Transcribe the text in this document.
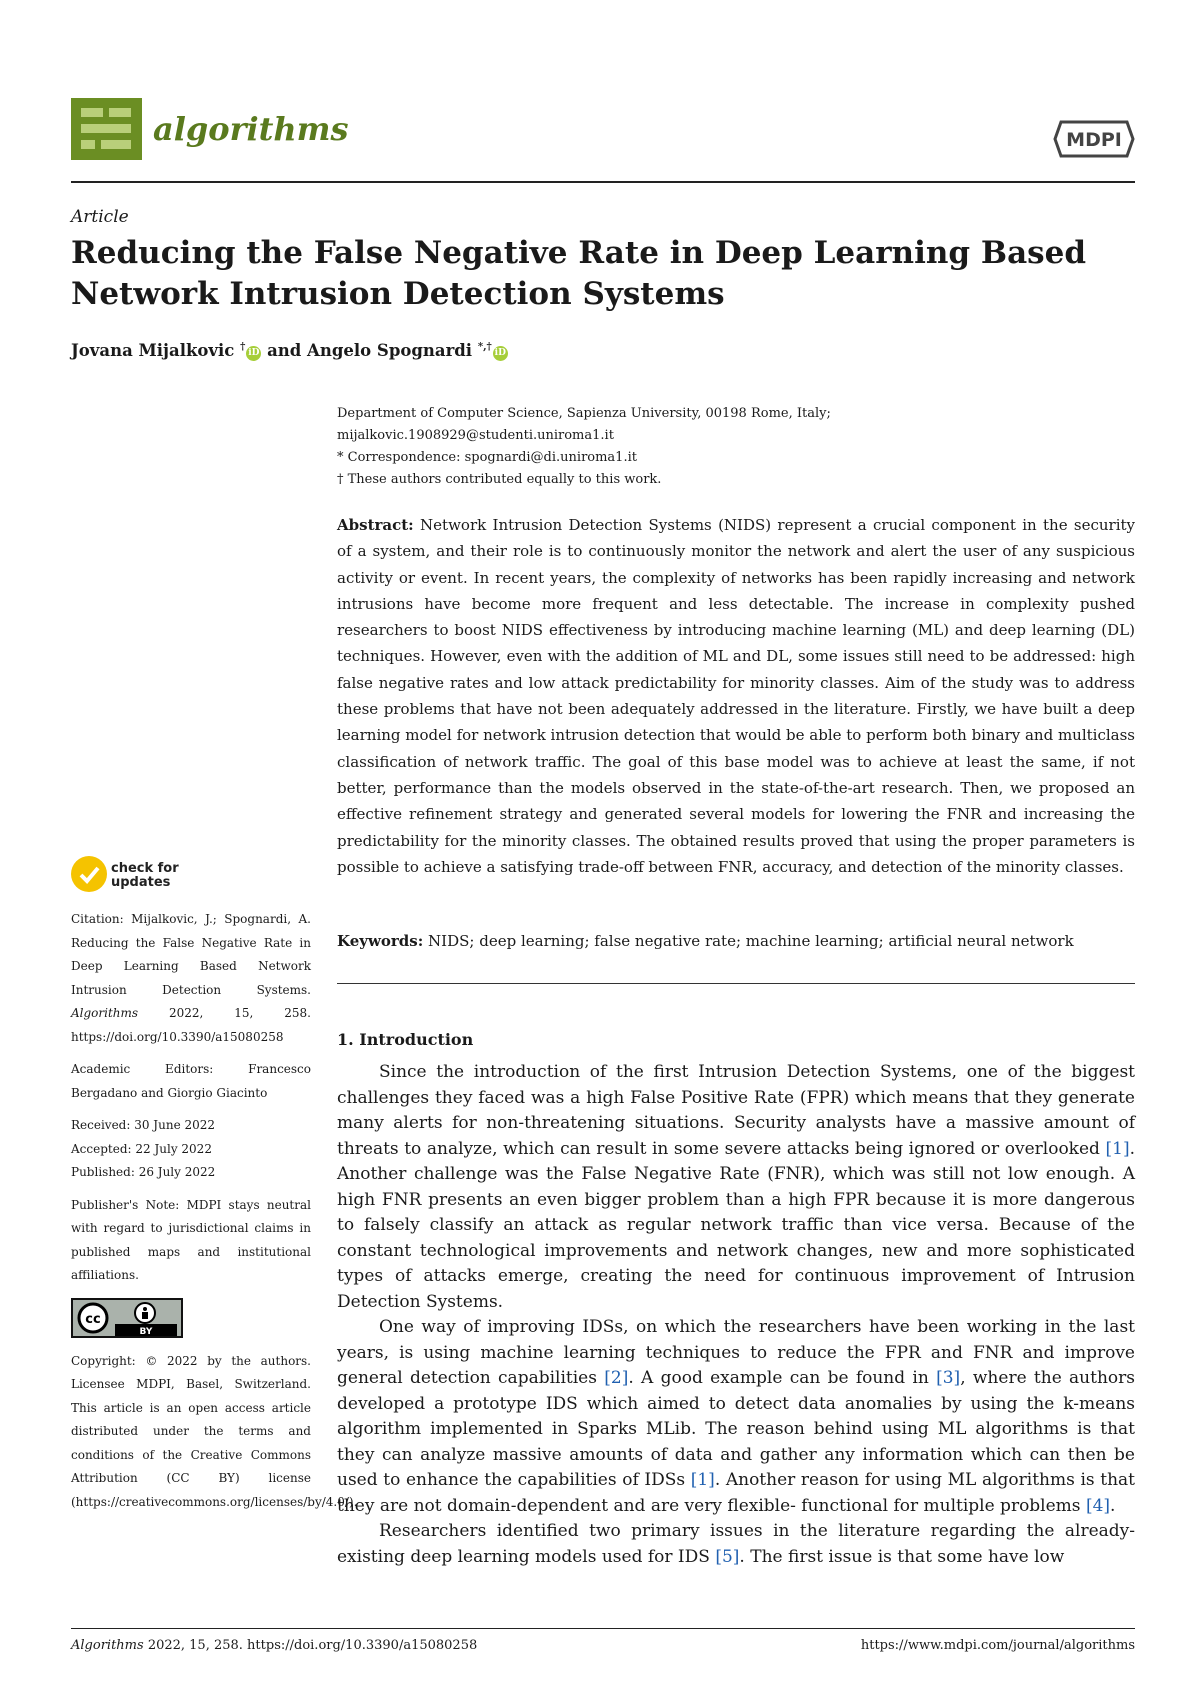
algorithms	MDPI
Article
Reducing the False Negative Rate in Deep Learning Based
Network Intrusion Detection Systems
Jovana Mijalkovic †iD and Angelo Spognardi *,†iD
Department of Computer Science, Sapienza University, 00198 Rome, Italy;
mijalkovic.1908929@studenti.uniroma1.it
* Correspondence: spognardi@di.uniroma1.it
† These authors contributed equally to this work.
Abstract: Network Intrusion Detection Systems (NIDS) represent a crucial component in the security of a system, and their role is to continuously monitor the network and alert the user of any suspicious activity or event. In recent years, the complexity of networks has been rapidly increasing and network intrusions have become more frequent and less detectable. The increase in complexity pushed researchers to boost NIDS effectiveness by introducing machine learning (ML) and deep learning (DL) techniques. However, even with the addition of ML and DL, some issues still need to be addressed: high false negative rates and low attack predictability for minority classes. Aim of the study was to address these problems that have not been adequately addressed in the literature. Firstly, we have built a deep learning model for network intrusion detection that would be able to perform both binary and multiclass classification of network traffic. The goal of this base model was to achieve at least the same, if not better, performance than the models observed in the state-of-the-art research. Then, we proposed an effective refinement strategy and generated several models for lowering the FNR and increasing the predictability for the minority classes. The obtained results proved that using the proper parameters is possible to achieve a satisfying trade-off between FNR, accuracy, and detection of the minority classes.
Keywords: NIDS; deep learning; false negative rate; machine learning; artificial neural network
1. Introduction

Since the introduction of the first Intrusion Detection Systems, one of the biggest challenges they faced was a high False Positive Rate (FPR) which means that they generate many alerts for non-threatening situations. Security analysts have a massive amount of threats to analyze, which can result in some severe attacks being ignored or overlooked [1]. Another challenge was the False Negative Rate (FNR), which was still not low enough. A high FNR presents an even bigger problem than a high FPR because it is more dangerous to falsely classify an attack as regular network traffic than vice versa. Because of the constant technological improvements and network changes, new and more sophisticated types of attacks emerge, creating the need for continuous improvement of Intrusion Detection Systems.

One way of improving IDSs, on which the researchers have been working in the last years, is using machine learning techniques to reduce the FPR and FNR and improve general detection capabilities [2]. A good example can be found in [3], where the authors developed a prototype IDS which aimed to detect data anomalies by using the k-means algorithm implemented in Sparks MLib. The reason behind using ML algorithms is that they can analyze massive amounts of data and gather any information which can then be used to enhance the capabilities of IDSs [1]. Another reason for using ML algorithms is that they are not domain-dependent and are very flexible- functional for multiple problems [4].

Researchers identified two primary issues in the literature regarding the already-existing deep learning models used for IDS [5]. The first issue is that some have low

check for
updates
Citation: Mijalkovic, J.; Spognardi, A. Reducing the False Negative Rate in Deep Learning Based Network Intrusion Detection Systems. Algorithms	2022, 15, 258. https://doi.org/10.3390/a15080258
Academic Editors: Francesco Bergadano and Giorgio Giacinto
Received: 30 June 2022
Accepted: 22 July 2022
Published: 26 July 2022
Publisher's Note: MDPI stays neutral with regard to jurisdictional claims in published maps and institutional affiliations.
cc
BY
Copyright: © 2022 by the authors. Licensee MDPI, Basel, Switzerland. This article is an open access article distributed under the terms and conditions of the Creative Commons Attribution (CC BY) license (https://creativecommons.org/licenses/by/4.0/).
Algorithms 2022, 15, 258. https://doi.org/10.3390/a15080258	https://www.mdpi.com/journal/algorithms
